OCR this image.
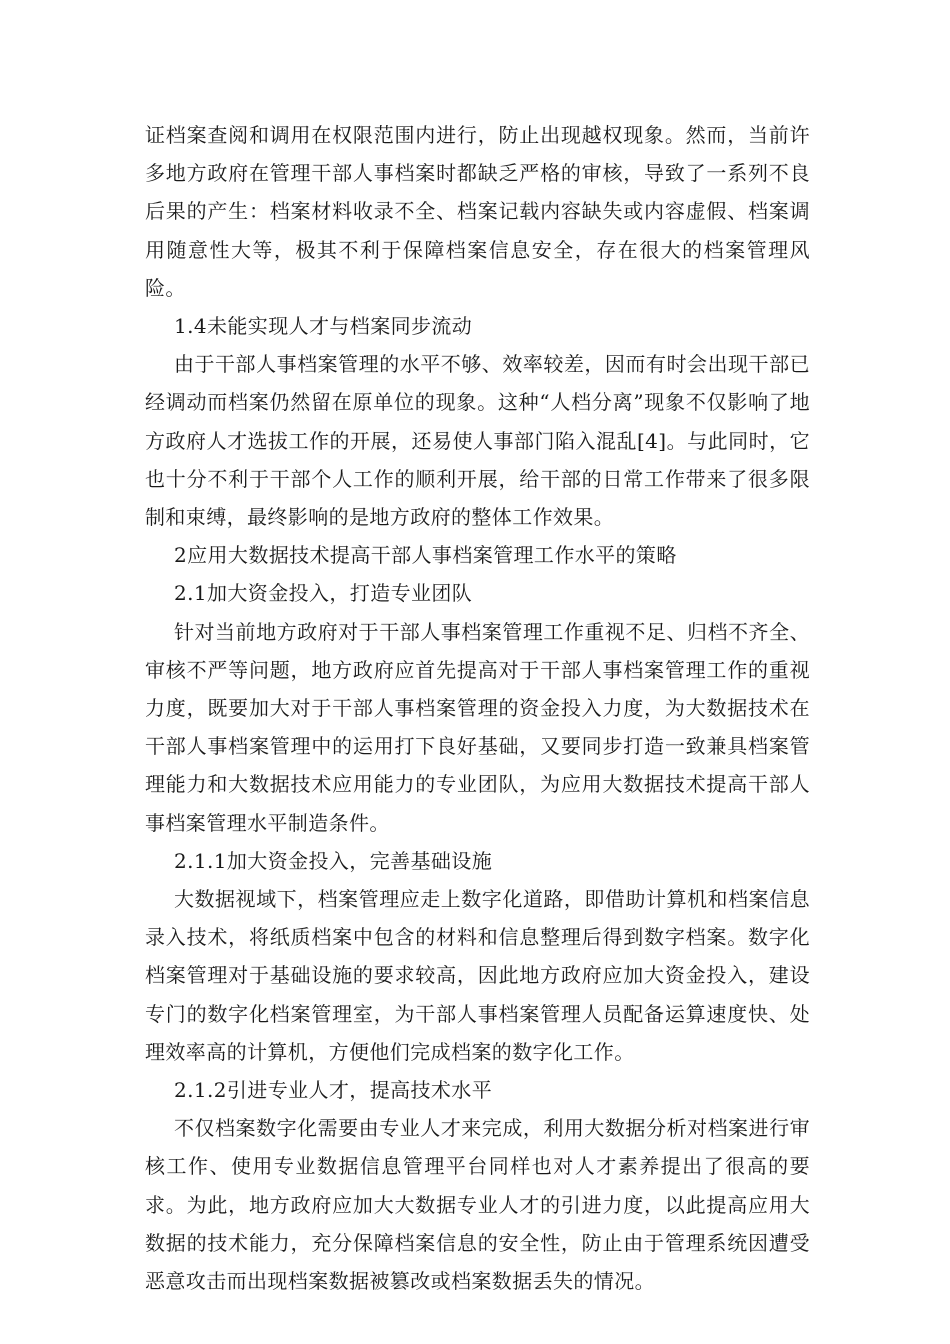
证档案查阅和调用在权限范围内进行，防止出现越权现象。然而，当前许多地方政府在管理干部人事档案时都缺乏严格的审核，导致了一系列不良后果的产生：档案材料收录不全、档案记载内容缺失或内容虚假、档案调用随意性大等，极其不利于保障档案信息安全，存在很大的档案管理风险。

1.4未能实现人才与档案同步流动

由于干部人事档案管理的水平不够、效率较差，因而有时会出现干部已经调动而档案仍然留在原单位的现象。这种“人档分离”现象不仅影响了地方政府人才选拔工作的开展，还易使人事部门陷入混乱[4]。与此同时，它也十分不利于干部个人工作的顺利开展，给干部的日常工作带来了很多限制和束缚，最终影响的是地方政府的整体工作效果。

2应用大数据技术提高干部人事档案管理工作水平的策略

2.1加大资金投入，打造专业团队

针对当前地方政府对于干部人事档案管理工作重视不足、归档不齐全、审核不严等问题，地方政府应首先提高对于干部人事档案管理工作的重视力度，既要加大对于干部人事档案管理的资金投入力度，为大数据技术在干部人事档案管理中的运用打下良好基础，又要同步打造一致兼具档案管理能力和大数据技术应用能力的专业团队，为应用大数据技术提高干部人事档案管理水平制造条件。

2.1.1加大资金投入，完善基础设施

大数据视域下，档案管理应走上数字化道路，即借助计算机和档案信息录入技术，将纸质档案中包含的材料和信息整理后得到数字档案。数字化档案管理对于基础设施的要求较高，因此地方政府应加大资金投入，建设专门的数字化档案管理室，为干部人事档案管理人员配备运算速度快、处理效率高的计算机，方便他们完成档案的数字化工作。

2.1.2引进专业人才，提高技术水平

不仅档案数字化需要由专业人才来完成，利用大数据分析对档案进行审核工作、使用专业数据信息管理平台同样也对人才素养提出了很高的要求。为此，地方政府应加大大数据专业人才的引进力度，以此提高应用大数据的技术能力，充分保障档案信息的安全性，防止由于管理系统因遭受恶意攻击而出现档案数据被篡改或档案数据丢失的情况。
